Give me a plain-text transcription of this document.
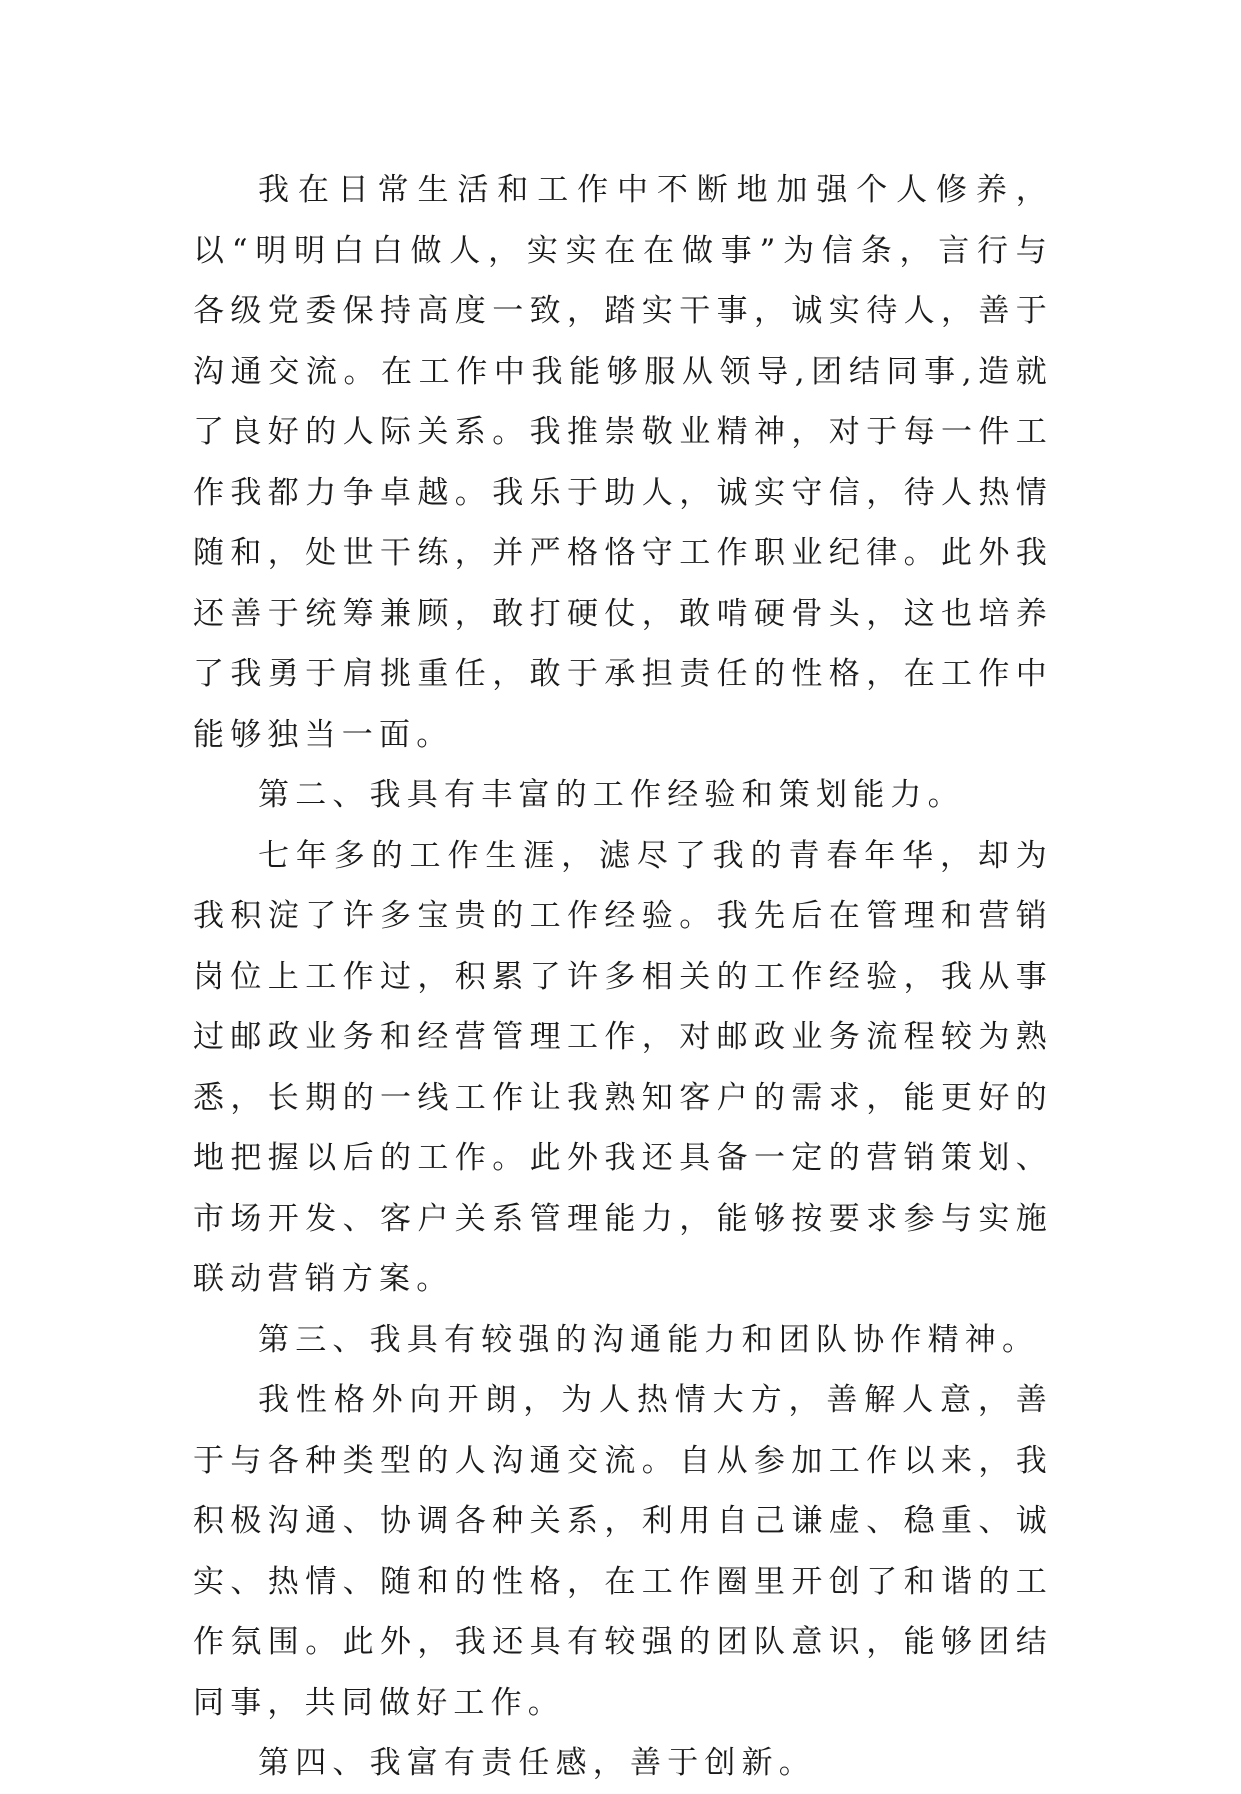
我在日常生活和工作中不断地加强个人修养，以“明明白白做人，实实在在做事”为信条，言行与各级党委保持高度一致，踏实干事，诚实待人，善于沟通交流。在工作中我能够服从领导,团结同事,造就了良好的人际关系。我推崇敬业精神，对于每一件工作我都力争卓越。我乐于助人，诚实守信，待人热情随和，处世干练，并严格恪守工作职业纪律。此外我还善于统筹兼顾，敢打硬仗，敢啃硬骨头，这也培养了我勇于肩挑重任，敢于承担责任的性格，在工作中能够独当一面。

第二、我具有丰富的工作经验和策划能力。

七年多的工作生涯，滤尽了我的青春年华，却为我积淀了许多宝贵的工作经验。我先后在管理和营销岗位上工作过，积累了许多相关的工作经验，我从事过邮政业务和经营管理工作，对邮政业务流程较为熟悉，长期的一线工作让我熟知客户的需求，能更好的地把握以后的工作。此外我还具备一定的营销策划、市场开发、客户关系管理能力，能够按要求参与实施联动营销方案。

第三、我具有较强的沟通能力和团队协作精神。

我性格外向开朗，为人热情大方，善解人意，善于与各种类型的人沟通交流。自从参加工作以来，我积极沟通、协调各种关系，利用自己谦虚、稳重、诚实、热情、随和的性格，在工作圈里开创了和谐的工作氛围。此外，我还具有较强的团队意识，能够团结同事，共同做好工作。

第四、我富有责任感，善于创新。
